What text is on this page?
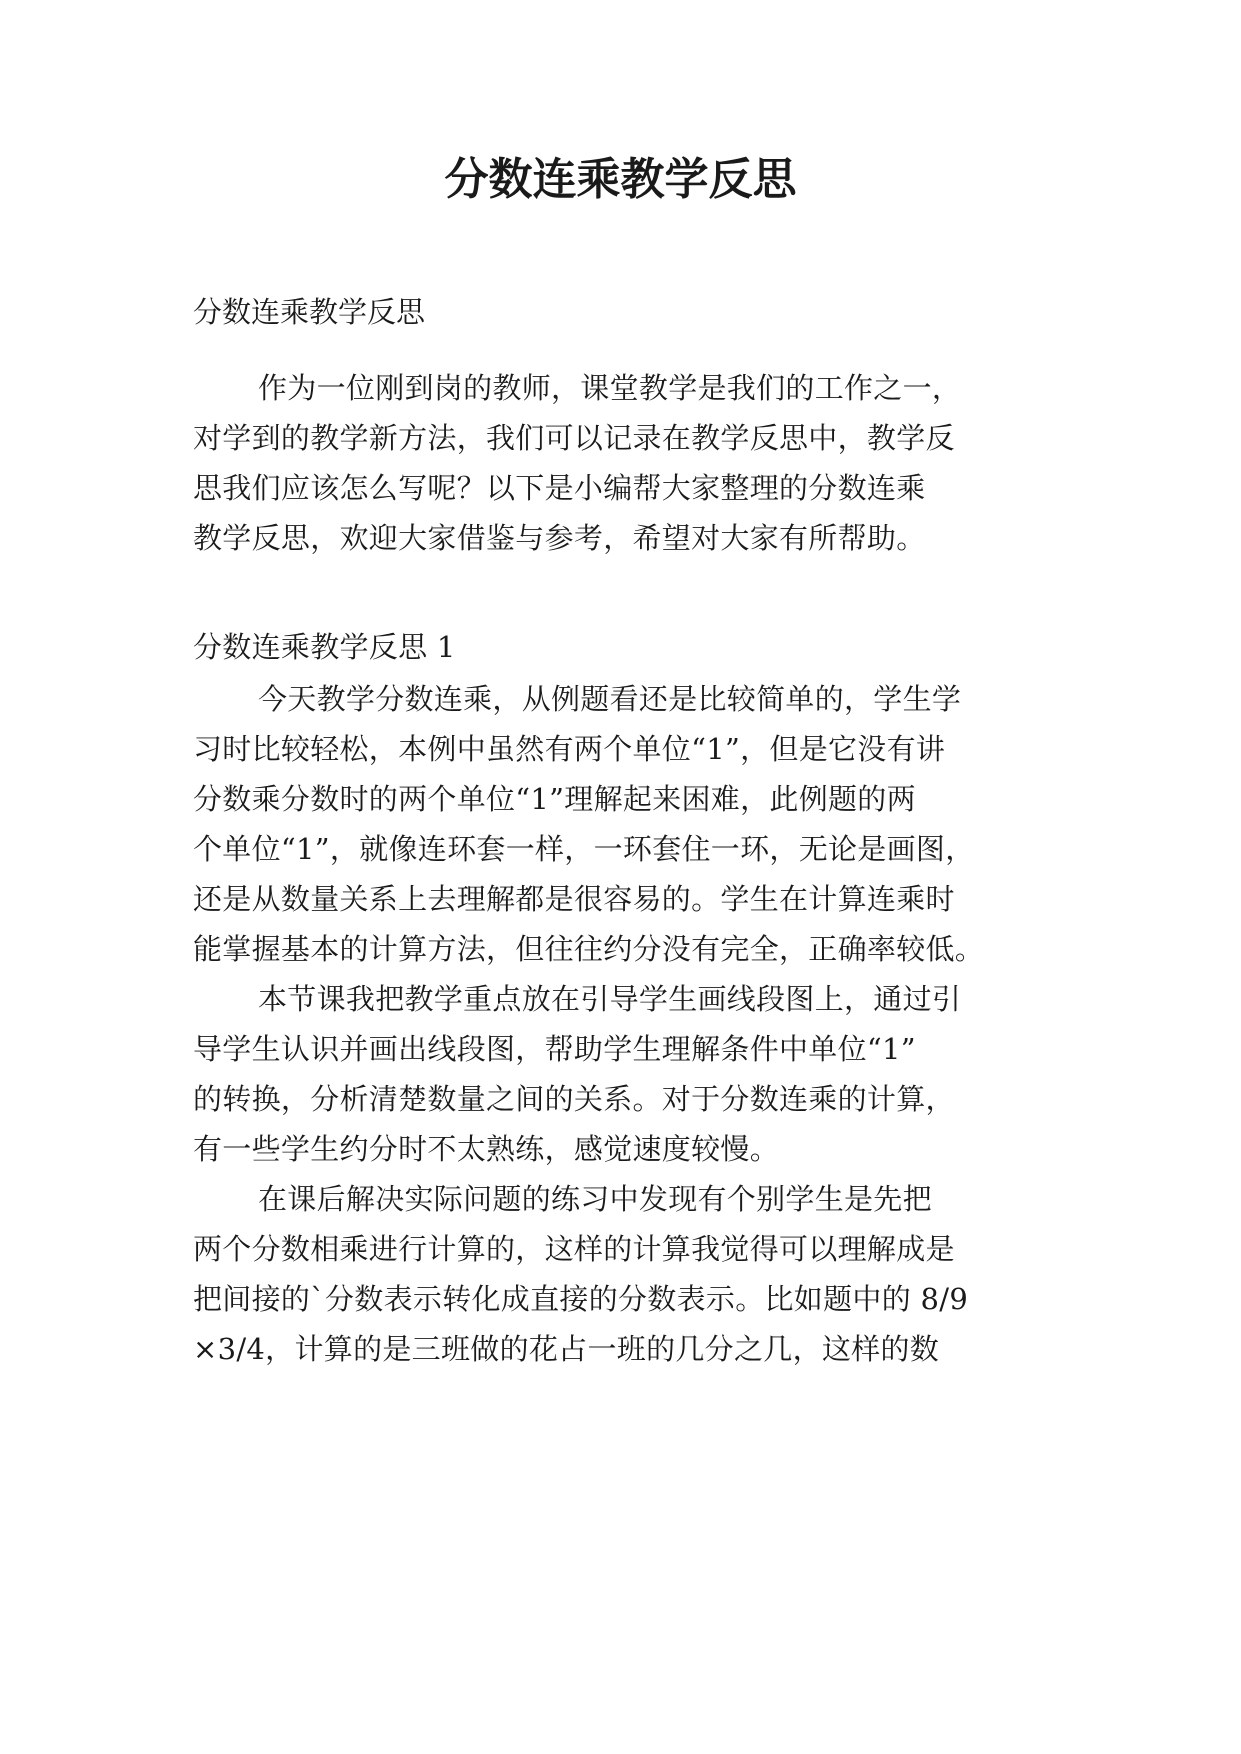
分数连乘教学反思

分数连乘教学反思

作为一位刚到岗的教师，课堂教学是我们的工作之一，

对学到的教学新方法，我们可以记录在教学反思中，教学反

思我们应该怎么写呢？以下是小编帮大家整理的分数连乘

教学反思，欢迎大家借鉴与参考，希望对大家有所帮助。

分数连乘教学反思 1

今天教学分数连乘，从例题看还是比较简单的，学生学

习时比较轻松，本例中虽然有两个单位“1”，但是它没有讲

分数乘分数时的两个单位“1”理解起来困难，此例题的两

个单位“1”，就像连环套一样，一环套住一环，无论是画图，

还是从数量关系上去理解都是很容易的。学生在计算连乘时

能掌握基本的计算方法，但往往约分没有完全，正确率较低。

本节课我把教学重点放在引导学生画线段图上，通过引

导学生认识并画出线段图，帮助学生理解条件中单位“1”

的转换，分析清楚数量之间的关系。对于分数连乘的计算，

有一些学生约分时不太熟练，感觉速度较慢。

在课后解决实际问题的练习中发现有个别学生是先把

两个分数相乘进行计算的，这样的计算我觉得可以理解成是

把间接的`分数表示转化成直接的分数表示。比如题中的 8/9

×3/4，计算的是三班做的花占一班的几分之几，这样的数
